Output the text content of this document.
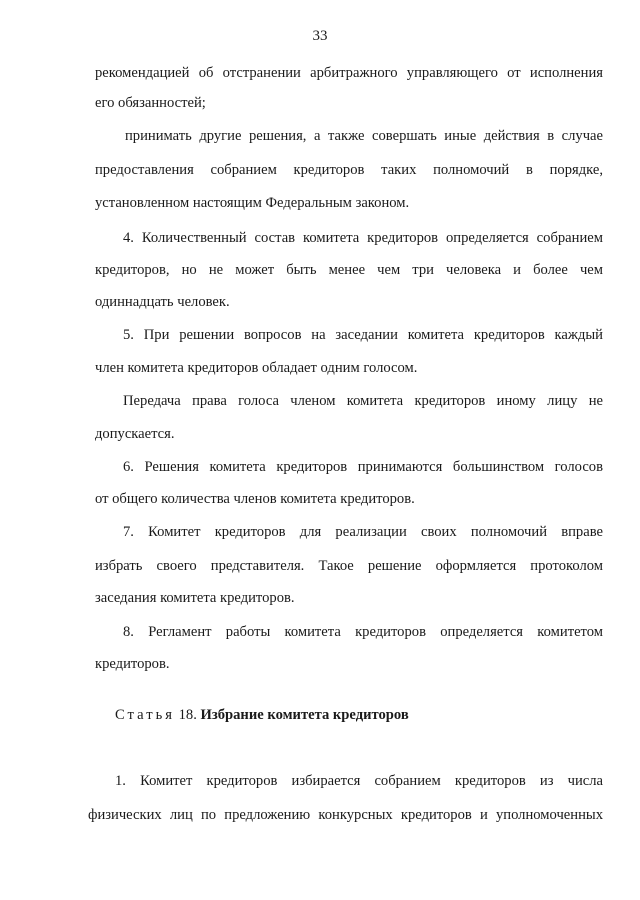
33
рекомендацией об отстранении арбитражного управляющего от исполнения
его обязанностей;
принимать другие решения, а также совершать иные действия в случае
предоставления собранием кредиторов таких полномочий в порядке,
установленном настоящим Федеральным законом.
4. Количественный состав комитета кредиторов определяется собранием
кредиторов, но не может быть менее чем три человека и более чем
одиннадцать человек.
5. При решении вопросов на заседании комитета кредиторов каждый
член комитета кредиторов обладает одним голосом.
Передача права голоса членом комитета кредиторов иному лицу не
допускается.
6. Решения комитета кредиторов принимаются большинством голосов
от общего количества членов комитета кредиторов.
7. Комитет кредиторов для реализации своих полномочий вправе
избрать своего представителя. Такое решение оформляется протоколом
заседания комитета кредиторов.
8. Регламент работы комитета кредиторов определяется комитетом
кредиторов.
Статья 18. Избрание комитета кредиторов
1. Комитет кредиторов избирается собранием кредиторов из числа
физических лиц по предложению конкурсных кредиторов и уполномоченных
